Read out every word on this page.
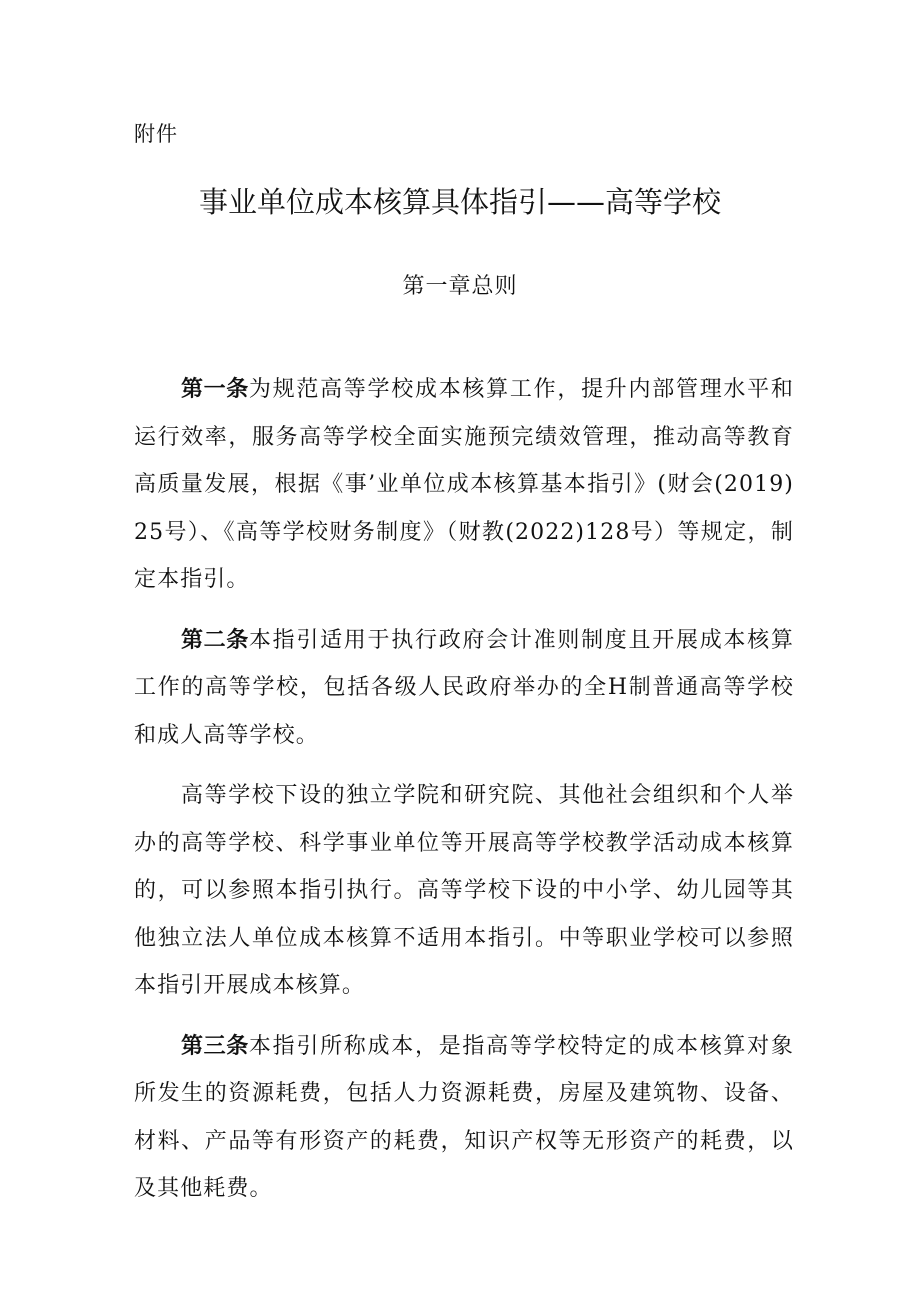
附件
事业单位成本核算具体指引——高等学校
第一章总则

第一条为规范高等学校成本核算工作，提升内部管理水平和运行效率，服务高等学校全面实施预完绩效管理，推动高等教育高质量发展，根据《事’业单位成本核算基本指引》(财会(2019)25号）、《高等学校财务制度》（财教(2022)128号）等规定，制定本指引。

第二条本指引适用于执行政府会计准则制度且开展成本核算工作的高等学校，包括各级人民政府举办的全H制普通高等学校和成人高等学校。

高等学校下设的独立学院和研究院、其他社会组织和个人举办的高等学校、科学事业单位等开展高等学校教学活动成本核算的，可以参照本指引执行。高等学校下设的中小学、幼儿园等其他独立法人单位成本核算不适用本指引。中等职业学校可以参照本指引开展成本核算。

第三条本指引所称成本，是指高等学校特定的成本核算对象所发生的资源耗费，包括人力资源耗费，房屋及建筑物、设备、材料、产品等有形资产的耗费，知识产权等无形资产的耗费，以及其他耗费。
